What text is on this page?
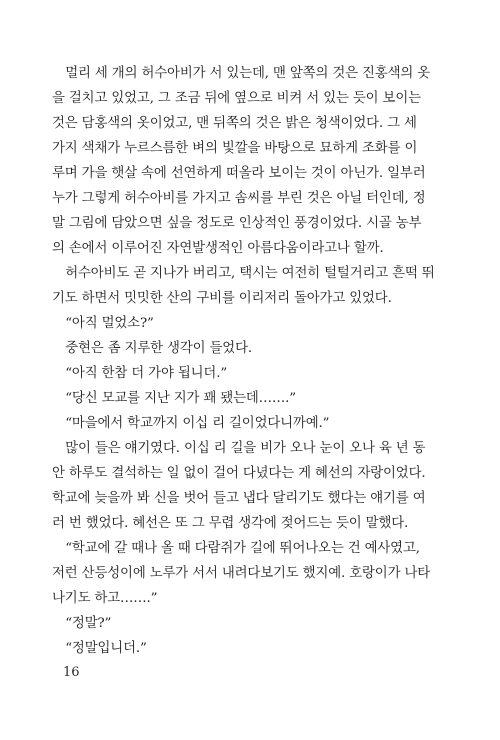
　멀리 세 개의 허수아비가 서 있는데, 맨 앞쪽의 것은 진홍색의 옷
을 걸치고 있었고, 그 조금 뒤에 옆으로 비켜 서 있는 듯이 보이는
것은 담홍색의 옷이었고, 맨 뒤쪽의 것은 밝은 청색이었다. 그 세
가지 색채가 누르스름한 벼의 빛깔을 바탕으로 묘하게 조화를 이
루며 가을 햇살 속에 선연하게 떠올라 보이는 것이 아닌가. 일부러
누가 그렇게 허수아비를 가지고 솜씨를 부린 것은 아닐 터인데, 정
말 그림에 담았으면 싶을 정도로 인상적인 풍경이었다. 시골 농부
의 손에서 이루어진 자연발생적인 아름다움이라고나 할까.
　허수아비도 곧 지나가 버리고, 택시는 여전히 털털거리고 흔떡 뛰
기도 하면서 밋밋한 산의 구비를 이리저리 돌아가고 있었다.
　“아직 멀었소?”
　중현은 좀 지루한 생각이 들었다.
　“아직 한참 더 가야 됩니더.”
　“당신 모교를 지난 지가 꽤 됐는데…….”
　“마을에서 학교까지 이십 리 길이었다니까예.”
　많이 들은 얘기였다. 이십 리 길을 비가 오나 눈이 오나 육 년 동
안 하루도 결석하는 일 없이 걸어 다녔다는 게 혜선의 자랑이었다.
학교에 늦을까 봐 신을 벗어 들고 냅다 달리기도 했다는 얘기를 여
러 번 했었다. 혜선은 또 그 무렵 생각에 젖어드는 듯이 말했다.
　“학교에 갈 때나 올 때 다람쥐가 길에 뛰어나오는 건 예사였고,
저런 산등성이에 노루가 서서 내려다보기도 했지예. 호랑이가 나타
나기도 하고…….”
　“정말?”
　“정말입니더.”
16
